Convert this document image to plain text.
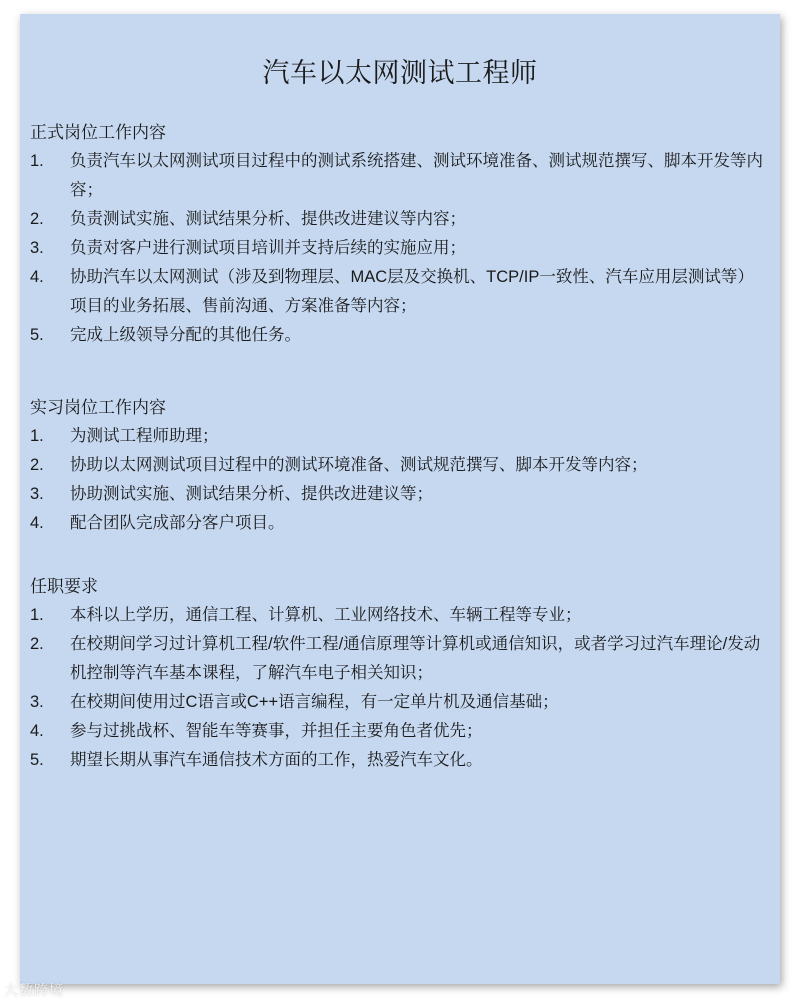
汽车以太网测试工程师
正式岗位工作内容
1.	负责汽车以太网测试项目过程中的测试系统搭建、测试环境准备、测试规范撰写、脚本开发等内容；
2.	负责测试实施、测试结果分析、提供改进建议等内容；
3.	负责对客户进行测试项目培训并支持后续的实施应用；
4.	协助汽车以太网测试（涉及到物理层、MAC层及交换机、TCP/IP一致性、汽车应用层测试等）项目的业务拓展、售前沟通、方案准备等内容；
5.	完成上级领导分配的其他任务。
实习岗位工作内容
1.	为测试工程师助理；
2.	协助以太网测试项目过程中的测试环境准备、测试规范撰写、脚本开发等内容；
3.	协助测试实施、测试结果分析、提供改进建议等；
4.	配合团队完成部分客户项目。
任职要求
1.	本科以上学历，通信工程、计算机、工业网络技术、车辆工程等专业；
2.	在校期间学习过计算机工程/软件工程/通信原理等计算机或通信知识，或者学习过汽车理论/发动机控制等汽车基本课程，了解汽车电子相关知识；
3.	在校期间使用过C语言或C++语言编程，有一定单片机及通信基础；
4.	参与过挑战杯、智能车等赛事，并担任主要角色者优先；
5.	期望长期从事汽车通信技术方面的工作，热爱汽车文化。
大数跨境
